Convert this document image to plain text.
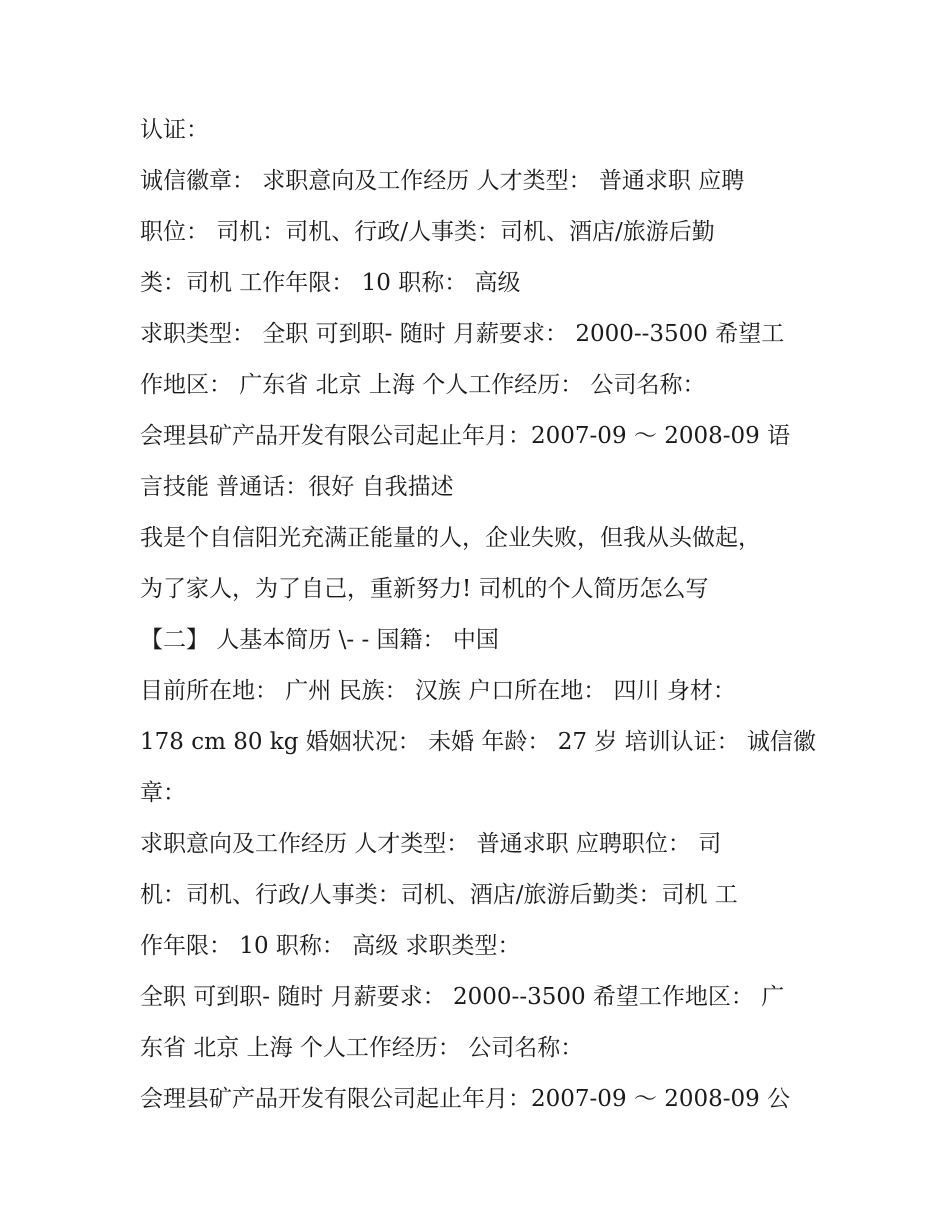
认证：
诚信徽章： 求职意向及工作经历 人才类型： 普通求职 应聘
职位： 司机：司机、行政/人事类：司机、酒店/旅游后勤
类：司机 工作年限： 10 职称： 高级
求职类型： 全职 可到职- 随时 月薪要求： 2000--3500 希望工
作地区： 广东省 北京 上海 个人工作经历： 公司名称：
会理县矿产品开发有限公司起止年月：2007-09 ～ 2008-09 语
言技能 普通话：很好 自我描述
我是个自信阳光充满正能量的人，企业失败，但我从头做起，
为了家人，为了自己，重新努力! 司机的个人简历怎么写
【二】 人基本简历 \- - 国籍： 中国
目前所在地： 广州 民族： 汉族 户口所在地： 四川 身材：
178 cm 80 kg 婚姻状况： 未婚 年龄： 27 岁 培训认证： 诚信徽
章：
求职意向及工作经历 人才类型： 普通求职 应聘职位： 司
机：司机、行政/人事类：司机、酒店/旅游后勤类：司机 工
作年限： 10 职称： 高级 求职类型：
全职 可到职- 随时 月薪要求： 2000--3500 希望工作地区： 广
东省 北京 上海 个人工作经历： 公司名称：
会理县矿产品开发有限公司起止年月：2007-09 ～ 2008-09 公
